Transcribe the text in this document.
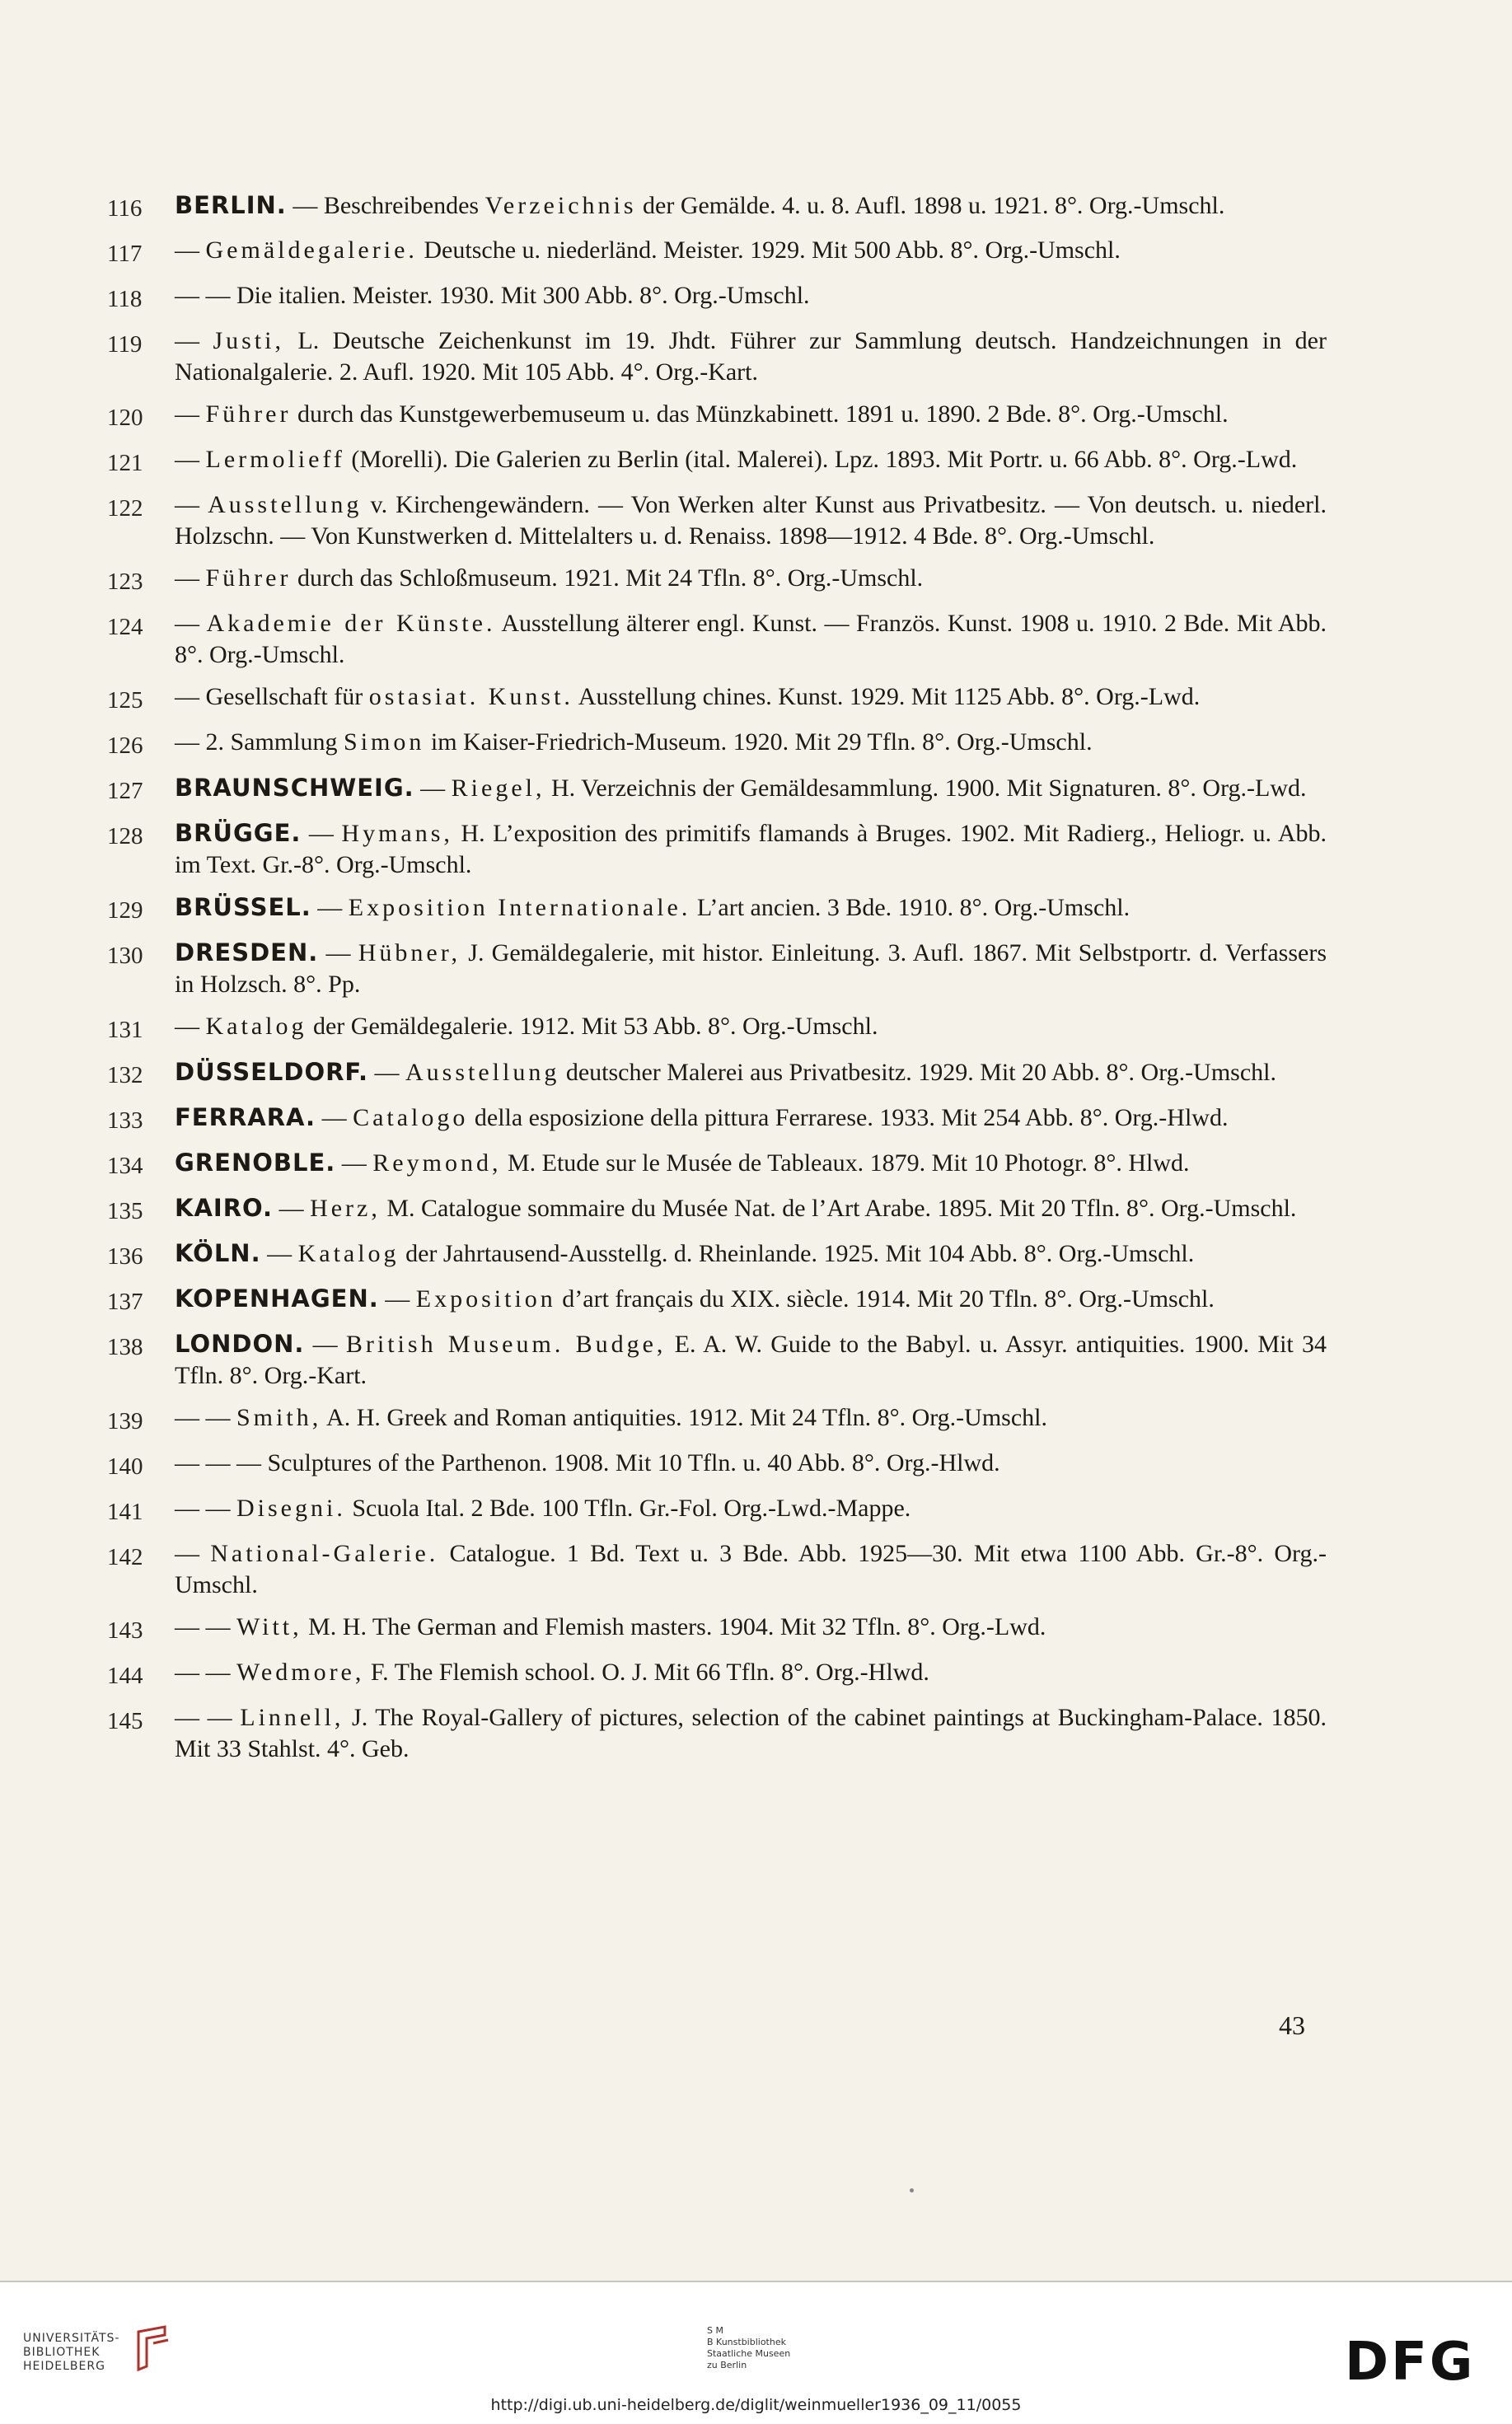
116	BERLIN. — Beschreibendes Verzeichnis der Gemälde. 4. u. 8. Aufl. 1898 u. 1921. 8°. Org.-Umschl.
117	— Gemäldegalerie. Deutsche u. niederländ. Meister. 1929. Mit 500 Abb. 8°. Org.-Umschl.
118	— — Die italien. Meister. 1930. Mit 300 Abb. 8°. Org.-Umschl.
119	— Justi, L. Deutsche Zeichenkunst im 19. Jhdt. Führer zur Sammlung deutsch. Handzeichnungen in der Nationalgalerie. 2. Aufl. 1920. Mit 105 Abb. 4°. Org.-Kart.
120	— Führer durch das Kunstgewerbemuseum u. das Münzkabinett. 1891 u. 1890. 2 Bde. 8°. Org.-Umschl.
121	— Lermolieff (Morelli). Die Galerien zu Berlin (ital. Malerei). Lpz. 1893. Mit Portr. u. 66 Abb. 8°. Org.-Lwd.
122	— Ausstellung v. Kirchengewändern. — Von Werken alter Kunst aus Privatbesitz. — Von deutsch. u. niederl. Holzschn. — Von Kunstwerken d. Mittelalters u. d. Renaiss. 1898—1912. 4 Bde. 8°. Org.-Umschl.
123	— Führer durch das Schloßmuseum. 1921. Mit 24 Tfln. 8°. Org.-Umschl.
124	— Akademie der Künste. Ausstellung älterer engl. Kunst. — Französ. Kunst. 1908 u. 1910. 2 Bde. Mit Abb. 8°. Org.-Umschl.
125	— Gesellschaft für ostasiat. Kunst. Ausstellung chines. Kunst. 1929. Mit 1125 Abb. 8°. Org.-Lwd.
126	— 2. Sammlung Simon im Kaiser-Friedrich-Museum. 1920. Mit 29 Tfln. 8°. Org.-Umschl.
127	BRAUNSCHWEIG. — Riegel, H. Verzeichnis der Gemäldesammlung. 1900. Mit Signaturen. 8°. Org.-Lwd.
128	BRÜGGE. — Hymans, H. L’exposition des primitifs flamands à Bruges. 1902. Mit Radierg., Heliogr. u. Abb. im Text. Gr.-8°. Org.-Umschl.
129	BRÜSSEL. — Exposition Internationale. L’art ancien. 3 Bde. 1910. 8°. Org.-Umschl.
130	DRESDEN. — Hübner, J. Gemäldegalerie, mit histor. Einleitung. 3. Aufl. 1867. Mit Selbstportr. d. Verfassers in Holzsch. 8°. Pp.
131	— Katalog der Gemäldegalerie. 1912. Mit 53 Abb. 8°. Org.-Umschl.
132	DÜSSELDORF. — Ausstellung deutscher Malerei aus Privatbesitz. 1929. Mit 20 Abb. 8°. Org.-Umschl.
133	FERRARA. — Catalogo della esposizione della pittura Ferrarese. 1933. Mit 254 Abb. 8°. Org.-Hlwd.
134	GRENOBLE. — Reymond, M. Etude sur le Musée de Tableaux. 1879. Mit 10 Photogr. 8°. Hlwd.
135	KAIRO. — Herz, M. Catalogue sommaire du Musée Nat. de l’Art Arabe. 1895. Mit 20 Tfln. 8°. Org.-Umschl.
136	KÖLN. — Katalog der Jahrtausend-Ausstellg. d. Rheinlande. 1925. Mit 104 Abb. 8°. Org.-Umschl.
137	KOPENHAGEN. — Exposition d’art français du XIX. siècle. 1914. Mit 20 Tfln. 8°. Org.-Umschl.
138	LONDON. — British Museum. Budge, E. A. W. Guide to the Babyl. u. Assyr. antiquities. 1900. Mit 34 Tfln. 8°. Org.-Kart.
139	— — Smith, A. H. Greek and Roman antiquities. 1912. Mit 24 Tfln. 8°. Org.-Umschl.
140	— — — Sculptures of the Parthenon. 1908. Mit 10 Tfln. u. 40 Abb. 8°. Org.-Hlwd.
141	— — Disegni. Scuola Ital. 2 Bde. 100 Tfln. Gr.-Fol. Org.-Lwd.-Mappe.
142	— National-Galerie. Catalogue. 1 Bd. Text u. 3 Bde. Abb. 1925—30. Mit etwa 1100 Abb. Gr.-8°. Org.-Umschl.
143	— — Witt, M. H. The German and Flemish masters. 1904. Mit 32 Tfln. 8°. Org.-Lwd.
144	— — Wedmore, F. The Flemish school. O. J. Mit 66 Tfln. 8°. Org.-Hlwd.
145	— — Linnell, J. The Royal-Gallery of pictures, selection of the cabinet paintings at Buckingham-Palace. 1850. Mit 33 Stahlst. 4°. Geb.
43
UNIVERSITÄTS-
BIBLIOTHEK
HEIDELBERG
S M
B Kunstbibliothek
Staatliche Museen
zu Berlin	DFG
http://digi.ub.uni-heidelberg.de/diglit/weinmueller1936_09_11/0055
